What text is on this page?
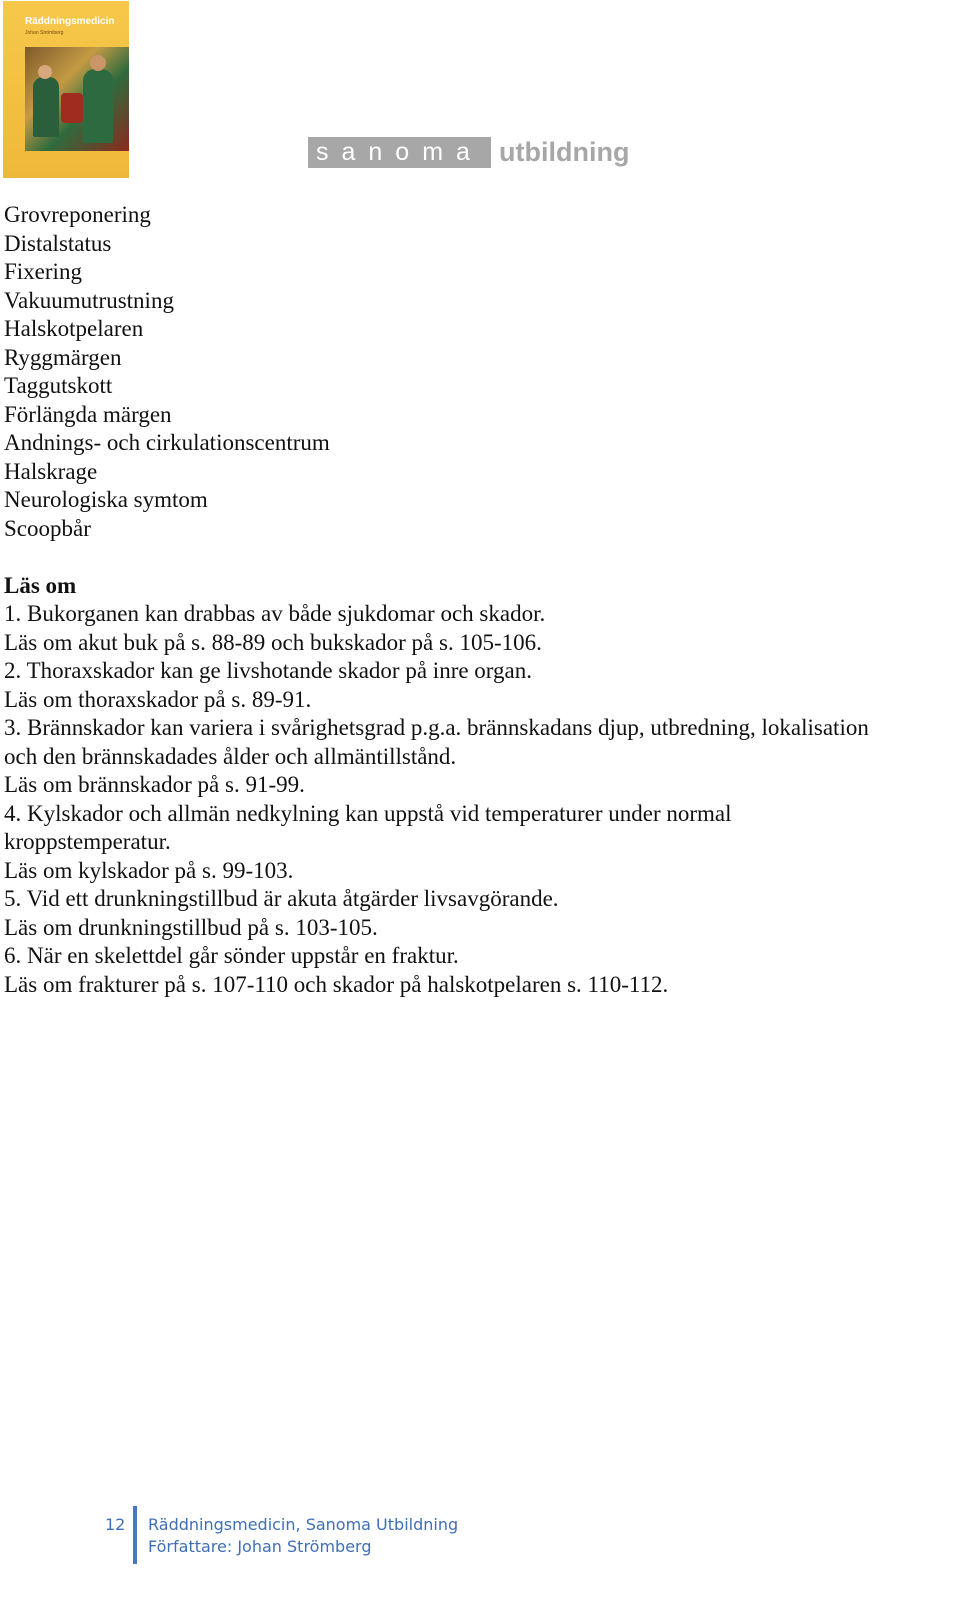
Räddningsmedicin
Johan Strömberg
sanoma utbildning
Grovreponering
Distalstatus
Fixering
Vakuumutrustning
Halskotpelaren
Ryggmärgen
Taggutskott
Förlängda märgen
Andnings- och cirkulationscentrum
Halskrage
Neurologiska symtom
Scoopbår
Läs om
1. Bukorganen kan drabbas av både sjukdomar och skador.
Läs om akut buk på s. 88-89 och bukskador på s. 105-106.
2. Thoraxskador kan ge livshotande skador på inre organ.
Läs om thoraxskador på s. 89-91.
3. Brännskador kan variera i svårighetsgrad p.g.a. brännskadans djup, utbredning, lokalisation
och den brännskadades ålder och allmäntillstånd.
Läs om brännskador på s. 91-99.
4. Kylskador och allmän nedkylning kan uppstå vid temperaturer under normal
kroppstemperatur.
Läs om kylskador på s. 99-103.
5. Vid ett drunkningstillbud är akuta åtgärder livsavgörande.
Läs om drunkningstillbud på s. 103-105.
6. När en skelettdel går sönder uppstår en fraktur.
Läs om frakturer på s. 107-110 och skador på halskotpelaren s. 110-112.
12 Räddningsmedicin, Sanoma Utbildning
Författare: Johan Strömberg
